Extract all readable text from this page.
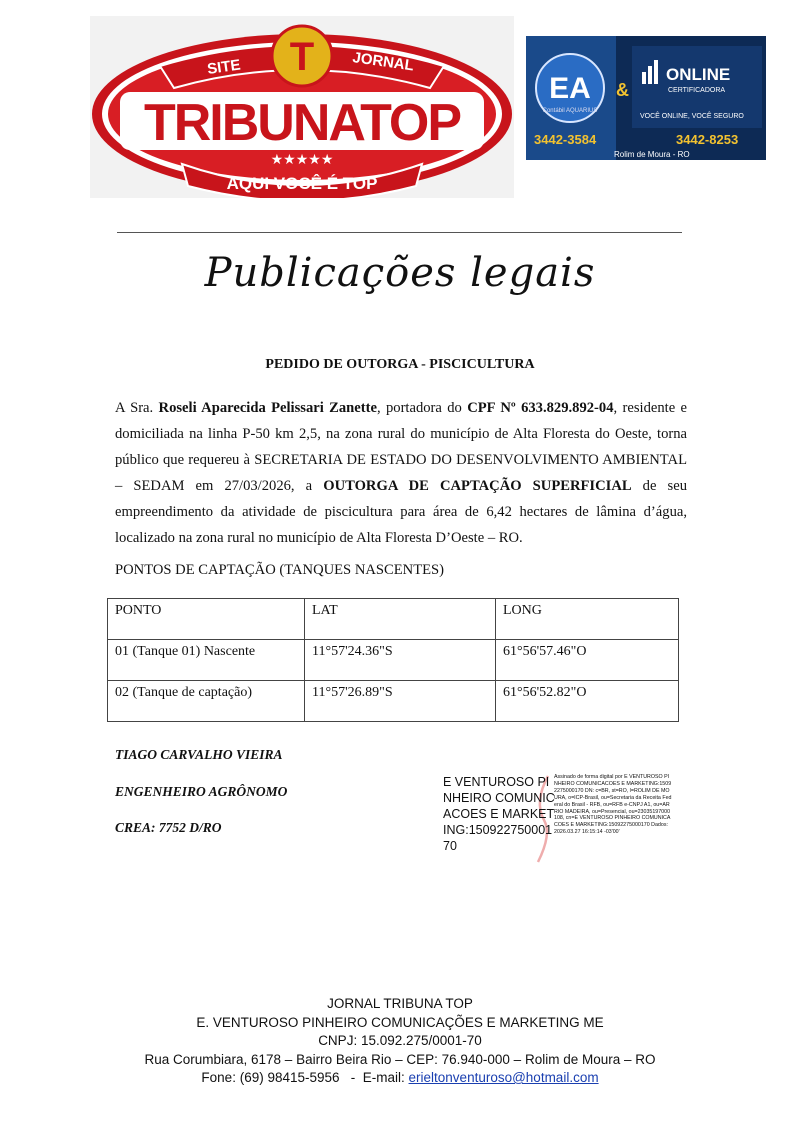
SITE	JORNAL
T
TRIBUNATOP
★★★★★
AQUI VOCÊ É TOP
EA
Contábil AQUARIUS
3442-3584
&
ONLINE
CERTIFICADORA
VOCÊ ONLINE, VOCÊ SEGURO
3442-8253
Rolim de Moura - RO
Publicações legais
PEDIDO DE OUTORGA - PISCICULTURA
A Sra. Roseli Aparecida Pelissari Zanette, portadora do CPF Nº 633.829.892-04, residente e domiciliada na linha P-50 km 2,5, na zona rural do município de Alta Floresta do Oeste, torna público que requereu à SECRETARIA DE ESTADO DO DESENVOLVIMENTO AMBIENTAL – SEDAM em 27/03/2026, a OUTORGA DE CAPTAÇÃO SUPERFICIAL de seu empreendimento da atividade de piscicultura para área de 6,42 hectares de lâmina d’água, localizado na zona rural no município de Alta Floresta D’Oeste – RO.
PONTOS DE CAPTAÇÃO (TANQUES NASCENTES)
PONTO	LAT	LONG
01 (Tanque 01) Nascente	11°57'24.36"S	61°56'57.46"O
02 (Tanque de captação)	11°57'26.89"S	61°56'52.82"O
TIAGO CARVALHO VIEIRA
ENGENHEIRO AGRÔNOMO
CREA: 7752 D/RO
E VENTUROSO PINHEIRO COMUNICACOES E MARKETING:15092275000170
Assinado de forma digital por E VENTUROSO PINHEIRO COMUNICACOES E MARKETING:15092275000170 DN: c=BR, st=RO, l=ROLIM DE MOURA, o=ICP-Brasil, ou=Secretaria da Receita Federal do Brasil - RFB, ou=RFB e-CNPJ A1, ou=AR RIO MADEIRA, ou=Presencial, ou=23035197000108, cn=E VENTUROSO PINHEIRO COMUNICACOES E MARKETING:15092275000170 Dados: 2026.03.27 16:15:14 -03'00'
JORNAL TRIBUNA TOP
E. VENTUROSO PINHEIRO COMUNICAÇÕES E MARKETING ME
CNPJ: 15.092.275/0001-70
Rua Corumbiara, 6178 – Bairro Beira Rio – CEP: 76.940-000 – Rolim de Moura – RO
Fone: (69) 98415-5956   -  E-mail: erieltonventuroso@hotmail.com
